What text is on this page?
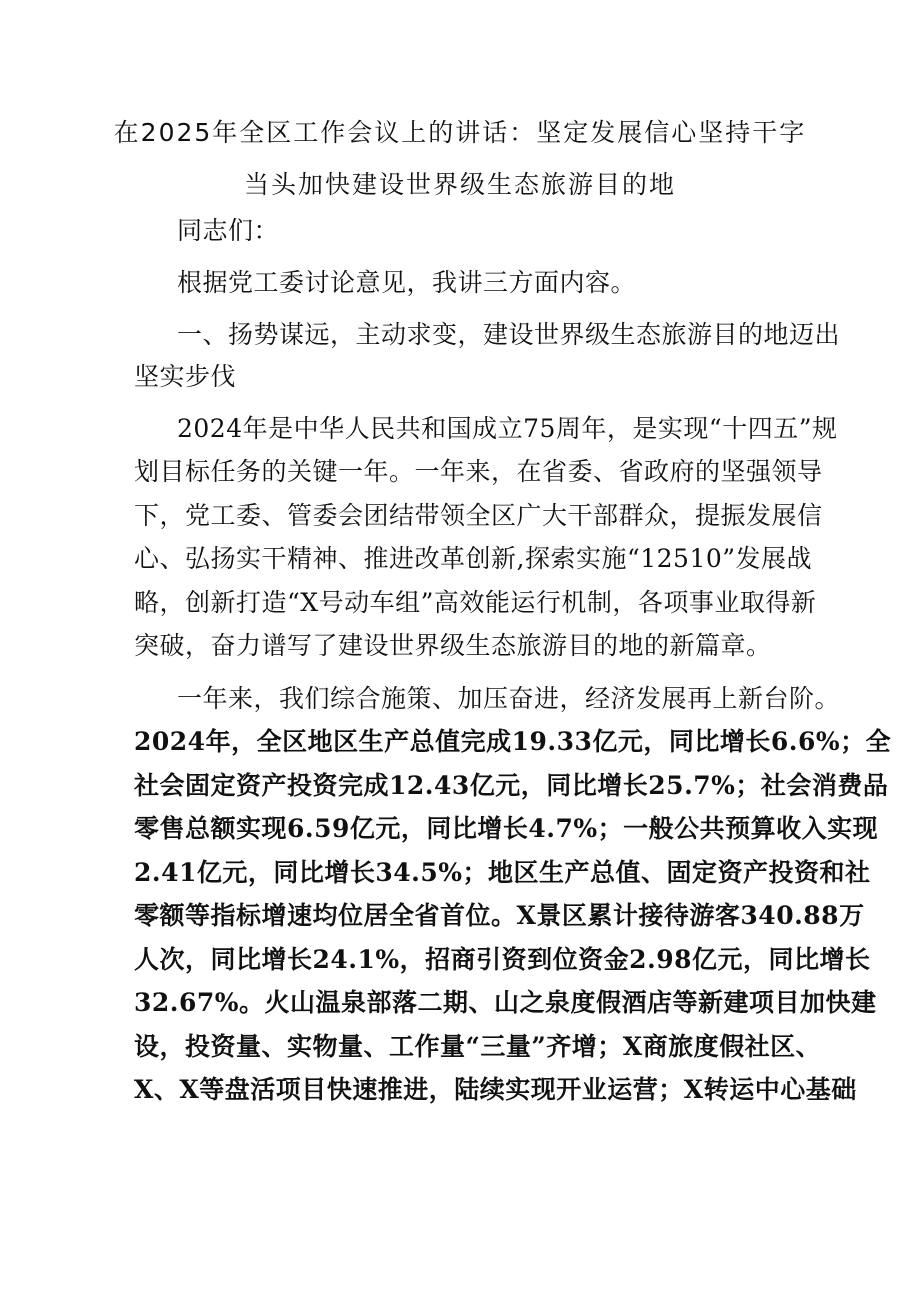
在2025年全区工作会议上的讲话：坚定发展信心坚持干字
当头加快建设世界级生态旅游目的地
同志们：
根据党工委讨论意见，我讲三方面内容。
一、扬势谋远，主动求变，建设世界级生态旅游目的地迈出
坚实步伐
2024年是中华人民共和国成立75周年，是实现“十四五”规
划目标任务的关键一年。一年来，在省委、省政府的坚强领导
下，党工委、管委会团结带领全区广大干部群众，提振发展信
心、弘扬实干精神、推进改革创新,探索实施“12510”发展战
略，创新打造“X号动车组”高效能运行机制，各项事业取得新
突破，奋力谱写了建设世界级生态旅游目的地的新篇章。
一年来，我们综合施策、加压奋进，经济发展再上新台阶。
2024年，全区地区生产总值完成19.33亿元，同比增长6.6%；全
社会固定资产投资完成12.43亿元，同比增长25.7%；社会消费品
零售总额实现6.59亿元，同比增长4.7%；一般公共预算收入实现
2.41亿元，同比增长34.5%；地区生产总值、固定资产投资和社
零额等指标增速均位居全省首位。X景区累计接待游客340.88万
人次，同比增长24.1%，招商引资到位资金2.98亿元，同比增长
32.67%。火山温泉部落二期、山之泉度假酒店等新建项目加快建
设，投资量、实物量、工作量“三量”齐增；X商旅度假社区、
X、X等盘活项目快速推进，陆续实现开业运营；X转运中心基础
